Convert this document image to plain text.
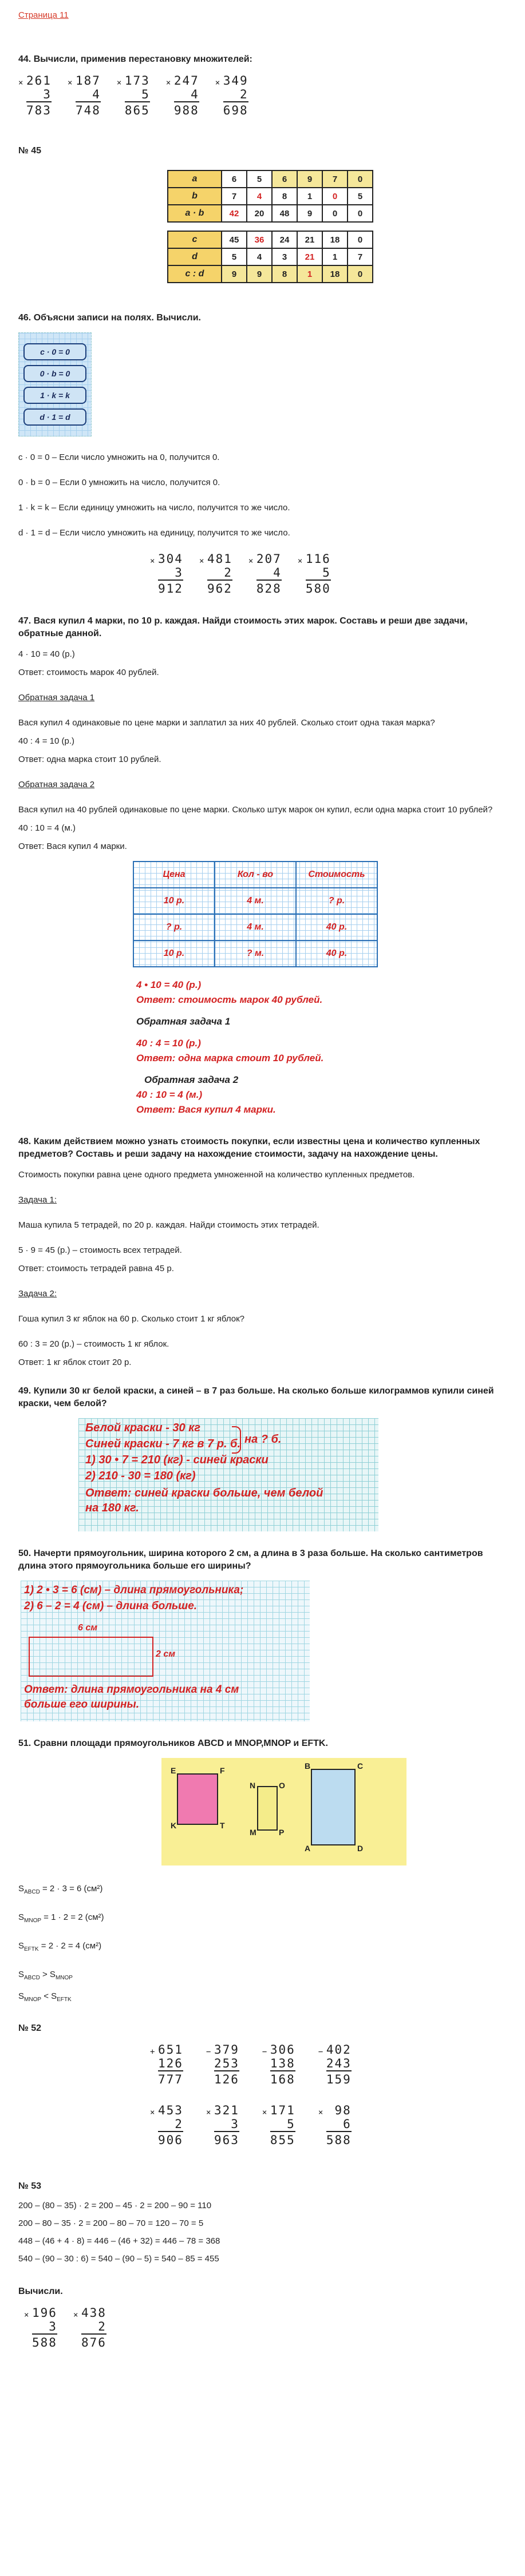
Страница 11
44. Вычисли, применив перестановку множителей:
× 261
3
783
× 187
4
748
× 173
5
865
× 247
4
988
× 349
2
698
№ 45
a	6	5	6	9	7	0
b	7	4	8	1	0	5
a · b	42	20	48	9	0	0
c	45	36	24	21	18	0
d	5	4	3	21	1	7
c : d	9	9	8	1	18	0
46. Объясни записи на полях. Вычисли.
c · 0 = 0
0 · b = 0
1 · k = k
d · 1 = d

c · 0 = 0 – Если число умножить на 0, получится 0.

0 · b = 0 – Если 0 умножить на число, получится 0.

1 · k = k – Если единицу умножить на число, получится то же число.

d · 1 = d – Если число умножить на единицу, получится то же число.

× 304
3
912
× 481
2
962
× 207
4
828
× 116
5
580
47. Вася купил 4 марки, по 10 р. каждая. Найди стоимость этих марок. Составь и реши две задачи, обратные данной.

4 · 10 = 40 (р.)

Ответ: стоимость марок 40 рублей.

Обратная задача 1

Вася купил 4 одинаковые по цене марки и заплатил за них 40 рублей. Сколько стоит одна такая марка?

40 : 4 = 10 (р.)

Ответ: одна марка стоит 10 рублей.

Обратная задача 2

Вася купил на 40 рублей одинаковые по цене марки. Сколько штук марок он купил, если одна марка стоит 10 рублей?

40 : 10 = 4 (м.)

Ответ: Вася купил 4 марки.

Цена	Кол - во	Стоимость
10 р.	4 м.	? р.
? р.	4 м.	40 р.
10 р.	? м.	40 р.
4 • 10 = 40 (р.)
Ответ: стоимость марок 40 рублей.
Обратная задача 1
40 : 4 = 10 (р.)
Ответ: одна марка стоит 10 рублей.
Обратная задача 2
40 : 10 = 4 (м.)
Ответ: Вася купил 4 марки.
48. Каким действием можно узнать стоимость покупки, если известны цена и количество купленных предметов? Составь и реши задачу на нахождение стоимости, задачу на нахождение цены.

Стоимость покупки равна цене одного предмета умноженной на количество купленных предметов.

Задача 1:

Маша купила 5 тетрадей, по 20 р. каждая. Найди стоимость этих тетрадей.

5 · 9 = 45 (р.) – стоимость всех тетрадей.

Ответ: стоимость тетрадей равна 45 р.

Задача 2:

Гоша купил 3 кг яблок на 60 р. Сколько стоит 1 кг яблок?

60 : 3 = 20 (р.) – стоимость 1 кг яблок.

Ответ: 1 кг яблок стоит 20 р.

49. Купили 30 кг белой краски, а синей – в 7 раз больше. На сколько больше килограммов купили синей краски, чем белой?
Белой краски - 30 кг
Синей краски - 7 кг в 7 р. б. на ? б.
1) 30 • 7 = 210 (кг) - синей краски
2) 210 - 30 = 180 (кг)
Ответ: синей краски больше, чем белой
на 180 кг.
50. Начерти прямоугольник, ширина которого 2 см, а длина в 3 раза больше. На сколько сантиметров длина этого прямоугольника больше его ширины?
1) 2 • 3 = 6 (см) – длина прямоугольника;
2) 6 – 2 = 4 (см) – длина больше.
6 см
2 см
Ответ: длина прямоугольника на 4 см
больше его ширины.
51. Сравни площади прямоугольников ABCD и MNOP,MNOP и EFTK.
E	F
K	T
N	O
M	P
B	C
A	D

$S_{ABCD} = 2 \cdot 3 = 6$ (см²)

$S_{MNOP} = 1 \cdot 2 = 2$ (см²)

$S_{EFTK} = 2 \cdot 2 = 4$ (см²)

$S_{ABCD} > S_{MNOP}$

$S_{MNOP} < S_{EFTK}$

№ 52
+ 651
126
777
− 379
253
126
− 306
138
168
− 402
243
159
× 453
2
906
× 321
3
963
× 171
5
855
× 98
6
588
№ 53

200 – (80 – 35) · 2 = 200 – 45 · 2 = 200 – 90 = 110

200 – 80 – 35 · 2 = 200 – 80 – 70 = 120 – 70 = 5

448 – (46 + 4 · 8) = 446 – (46 + 32) = 446 – 78 = 368

540 – (90 – 30 : 6) = 540 – (90 – 5) = 540 – 85 = 455

Вычисли.
× 196
3
588
× 438
2
876
